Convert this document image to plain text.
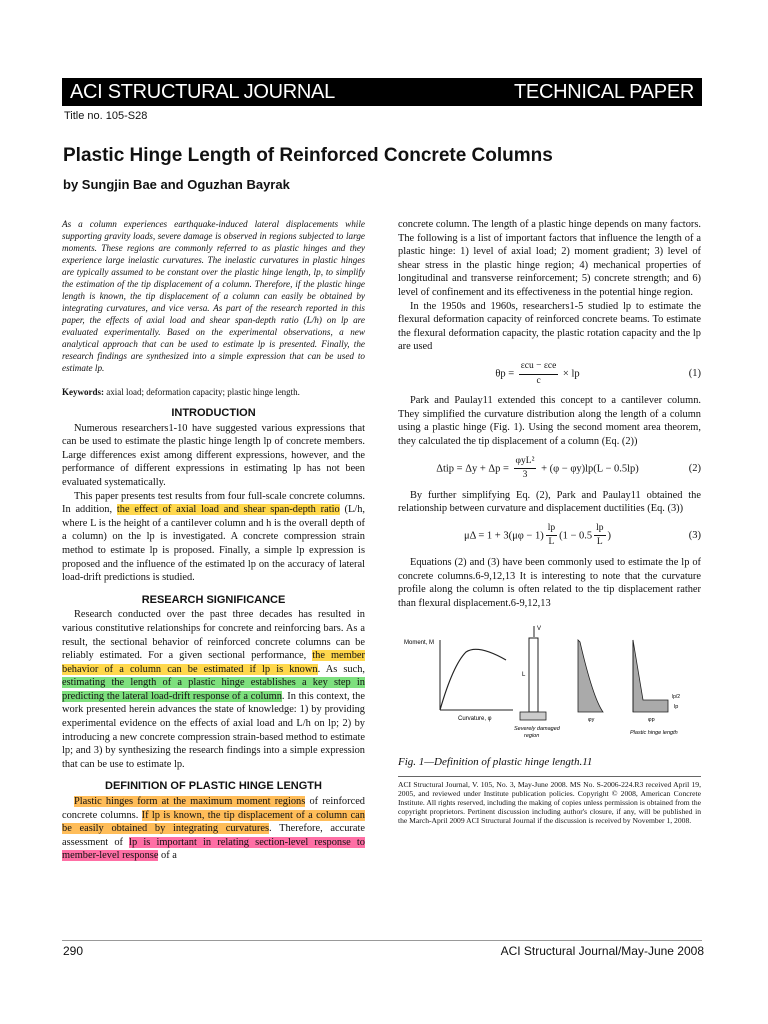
ACI STRUCTURAL JOURNAL	TECHNICAL PAPER
Title no. 105-S28
Plastic Hinge Length of Reinforced Concrete Columns
by Sungjin Bae and Oguzhan Bayrak

As a column experiences earthquake-induced lateral displacements while supporting gravity loads, severe damage is observed in regions subjected to large moments. These regions are commonly referred to as plastic hinges and they experience large inelastic curvatures. The inelastic curvatures in plastic hinges are typically assumed to be constant over the plastic hinge length, lp, to simplify the estimation of the tip displacement of a column. Therefore, if the plastic hinge length is known, the tip displacement of a column can easily be obtained by integrating curvatures, and vice versa. As part of the research reported in this paper, the effects of axial load and shear span-depth ratio (L/h) on lp are evaluated experimentally. Based on the experimental observations, a new analytical approach that can be used to estimate lp is presented. Finally, the research findings are synthesized into a simple expression that can be used to estimate lp.

Keywords: axial load; deformation capacity; plastic hinge length.

INTRODUCTION

Numerous researchers1-10 have suggested various expressions that can be used to estimate the plastic hinge length lp of concrete members. Large differences exist among different expressions, however, and the performance of different expressions in estimating lp has not been evaluated systematically.

This paper presents test results from four full-scale concrete columns. In addition, the effect of axial load and shear span-depth ratio (L/h, where L is the height of a cantilever column and h is the overall depth of a column) on the lp is investigated. A concrete compression strain method to estimate lp is proposed. Finally, a simple lp expression is proposed and the influence of the estimated lp on the accuracy of lateral load-drift predictions is studied.

RESEARCH SIGNIFICANCE

Research conducted over the past three decades has resulted in various constitutive relationships for concrete and reinforcing bars. As a result, the sectional behavior of reinforced concrete columns can be reliably estimated. For a given sectional performance, the member behavior of a column can be estimated if lp is known. As such, estimating the length of a plastic hinge establishes a key step in predicting the lateral load-drift response of a column. In this context, the work presented herein advances the state of knowledge: 1) by providing experimental evidence on the effects of axial load and L/h on lp; 2) by introducing a new concrete compression strain-based method to estimate lp; and 3) by synthesizing the research findings into a simple expression that can be use to estimate lp.

DEFINITION OF PLASTIC HINGE LENGTH

Plastic hinges form at the maximum moment regions of reinforced concrete columns. If lp is known, the tip displacement of a column can be easily obtained by integrating curvatures. Therefore, accurate assessment of lp is important in relating section-level response to member-level response of a

concrete column. The length of a plastic hinge depends on many factors. The following is a list of important factors that influence the length of a plastic hinge: 1) level of axial load; 2) moment gradient; 3) level of shear stress in the plastic hinge region; 4) mechanical properties of longitudinal and transverse reinforcement; 5) concrete strength; and 6) level of confinement and its effectiveness in the potential hinge region.

In the 1950s and 1960s, researchers1-5 studied lp to estimate the flexural deformation capacity of reinforced concrete beams. To estimate the flexural deformation capacity, the plastic rotation capacity and the lp are used

$\theta p = \frac{\text{εcu − εce}}{c}$ × lp	(1)

Park and Paulay11 extended this concept to a cantilever column. They simplified the curvature distribution along the length of a column using a plastic hinge (Fig. 1). Using the second moment area theorem, they calculated the tip displacement of a column (Eq. (2))

$\Delta tip = \Delta y + \Delta p = \frac{\text{φyL²}}{3} + (\varphi - \varphi y)lp(L - 0.5lp)$	(2)

By further simplifying Eq. (2), Park and Paulay11 obtained the relationship between curvature and displacement ductilities (Eq. (3))

$\mu\Delta = 1 + 3(\mu\varphi - 1) \frac{lp}{L} (1 - 0.5 \frac{lp}{L}$ )	(3)

Equations (2) and (3) have been commonly used to estimate the lp of concrete columns.6-9,12,13 It is interesting to note that the curvature profile along the column is often related to the tip displacement rather than flexural displacement.6-9,12,13

Moment, M
Curvature, φ
V
L
Severely damaged
region
φy	φp
lp
lp/2
Plastic hinge length

Fig. 1—Definition of plastic hinge length.11

ACI Structural Journal, V. 105, No. 3, May-June 2008. MS No. S-2006-224.R3 received April 19, 2005, and reviewed under Institute publication policies. Copyright © 2008, American Concrete Institute. All rights reserved, including the making of copies unless permission is obtained from the copyright proprietors. Pertinent discussion including author's closure, if any, will be published in the March-April 2009 ACI Structural Journal if the discussion is received by November 1, 2008.

290	ACI Structural Journal/May-June 2008
